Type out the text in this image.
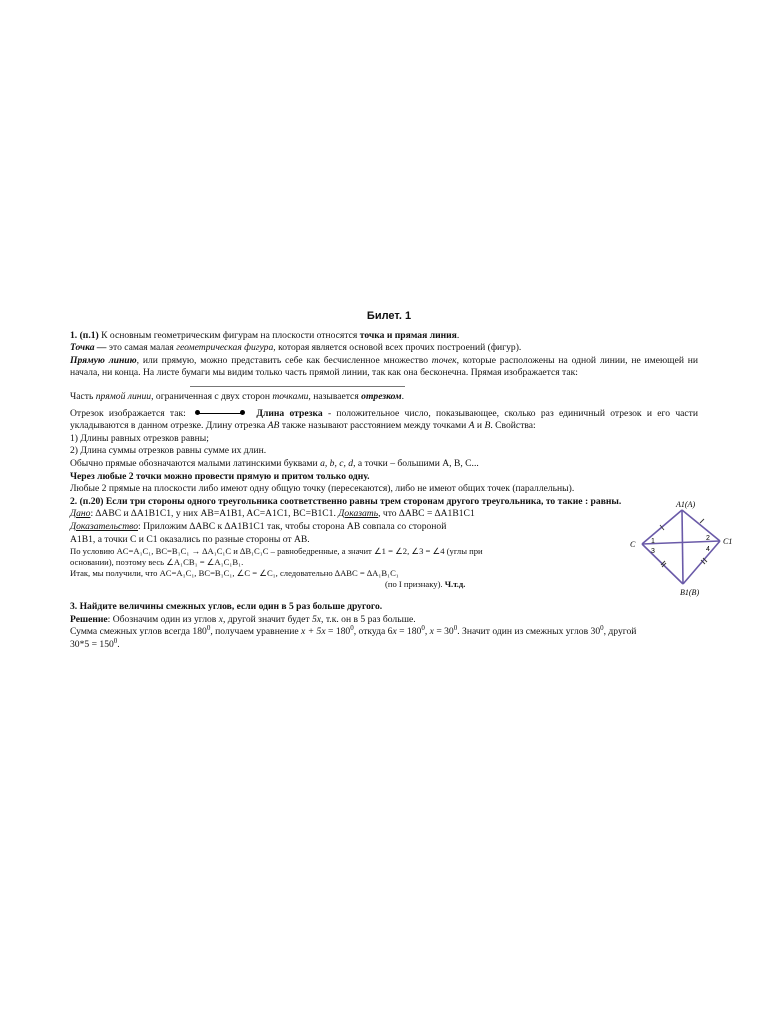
Билет. 1

1. (п.1) К основным геометрическим фигурам на плоскости относятся точка и прямая линия.

Точка — это самая малая геометрическая фигура, которая является основой всех прочих построений (фигур).

Прямую линию, или прямую, можно представить себе как бесчисленное множество точек, которые расположены на одной линии, не имеющей ни начала, ни конца. На листе бумаги мы видим только часть прямой линии, так как она бесконечна. Прямая изображается так:

Часть прямой линии, ограниченная с двух сторон точками, называется отрезком.

Отрезок изображается так:	Длина отрезка - положительное число, показывающее, сколько раз единичный отрезок и его части укладываются в данном отрезке. Длину отрезка AB также называют расстоянием между точками A и B. Свойства:

1) Длины равных отрезков равны;

2) Длина суммы отрезков равны сумме их длин.

Обычно прямые обозначаются малыми латинскими буквами a, b, c, d, а точки – большими A, B, C...

Через любые 2 точки можно провести прямую и притом только одну.

Любые 2 прямые на плоскости либо имеют одну общую точку (пересекаются), либо не имеют общих точек (параллельны).

2. (п.20) Если три стороны одного треугольника соответственно равны трем сторонам другого треугольника, то такие : равны.

Дано: ∆ABC и ∆A1B1C1, у них AB=A1B1, AC=A1C1, BC=B1C1. Доказать, что ∆ABC = ∆A1B1C1

Доказательство: Приложим ∆ABC к ∆A1B1C1 так, чтобы сторона AB совпала со стороной

A1B1, а точки C и C1 оказались по разные стороны от AB.

По условию AC=A₁C₁, BC=B₁C₁ → ∆A₁C₁C и ∆B₁C₁C – равнобедренные, а значит ∠1 = ∠2, ∠3 = ∠4 (углы при основании), поэтому весь ∠A₁CB₁ = ∠A₁C₁B₁.

Итак, мы получили, что AC=A₁C₁, BC=B₁C₁, ∠C = ∠C₁, следовательно ∆ABC = ∆A₁B₁C₁

(по I признаку). Ч.т.д.

3. Найдите величины смежных углов, если один в 5 раз больше другого.

Решение: Обозначим один из углов x, другой значит будет 5x, т.к. он в 5 раз больше.

Сумма смежных углов всегда $180^0$, получаем уравнение $x + 5x = 180^0$, откуда $6x = 180^0$, $x = 30^0$. Значит один из смежных углов $30^0$, другой

$30*5 = 150^0$.

A1(A)
B1(B)
C	C1
1	2
3	4
